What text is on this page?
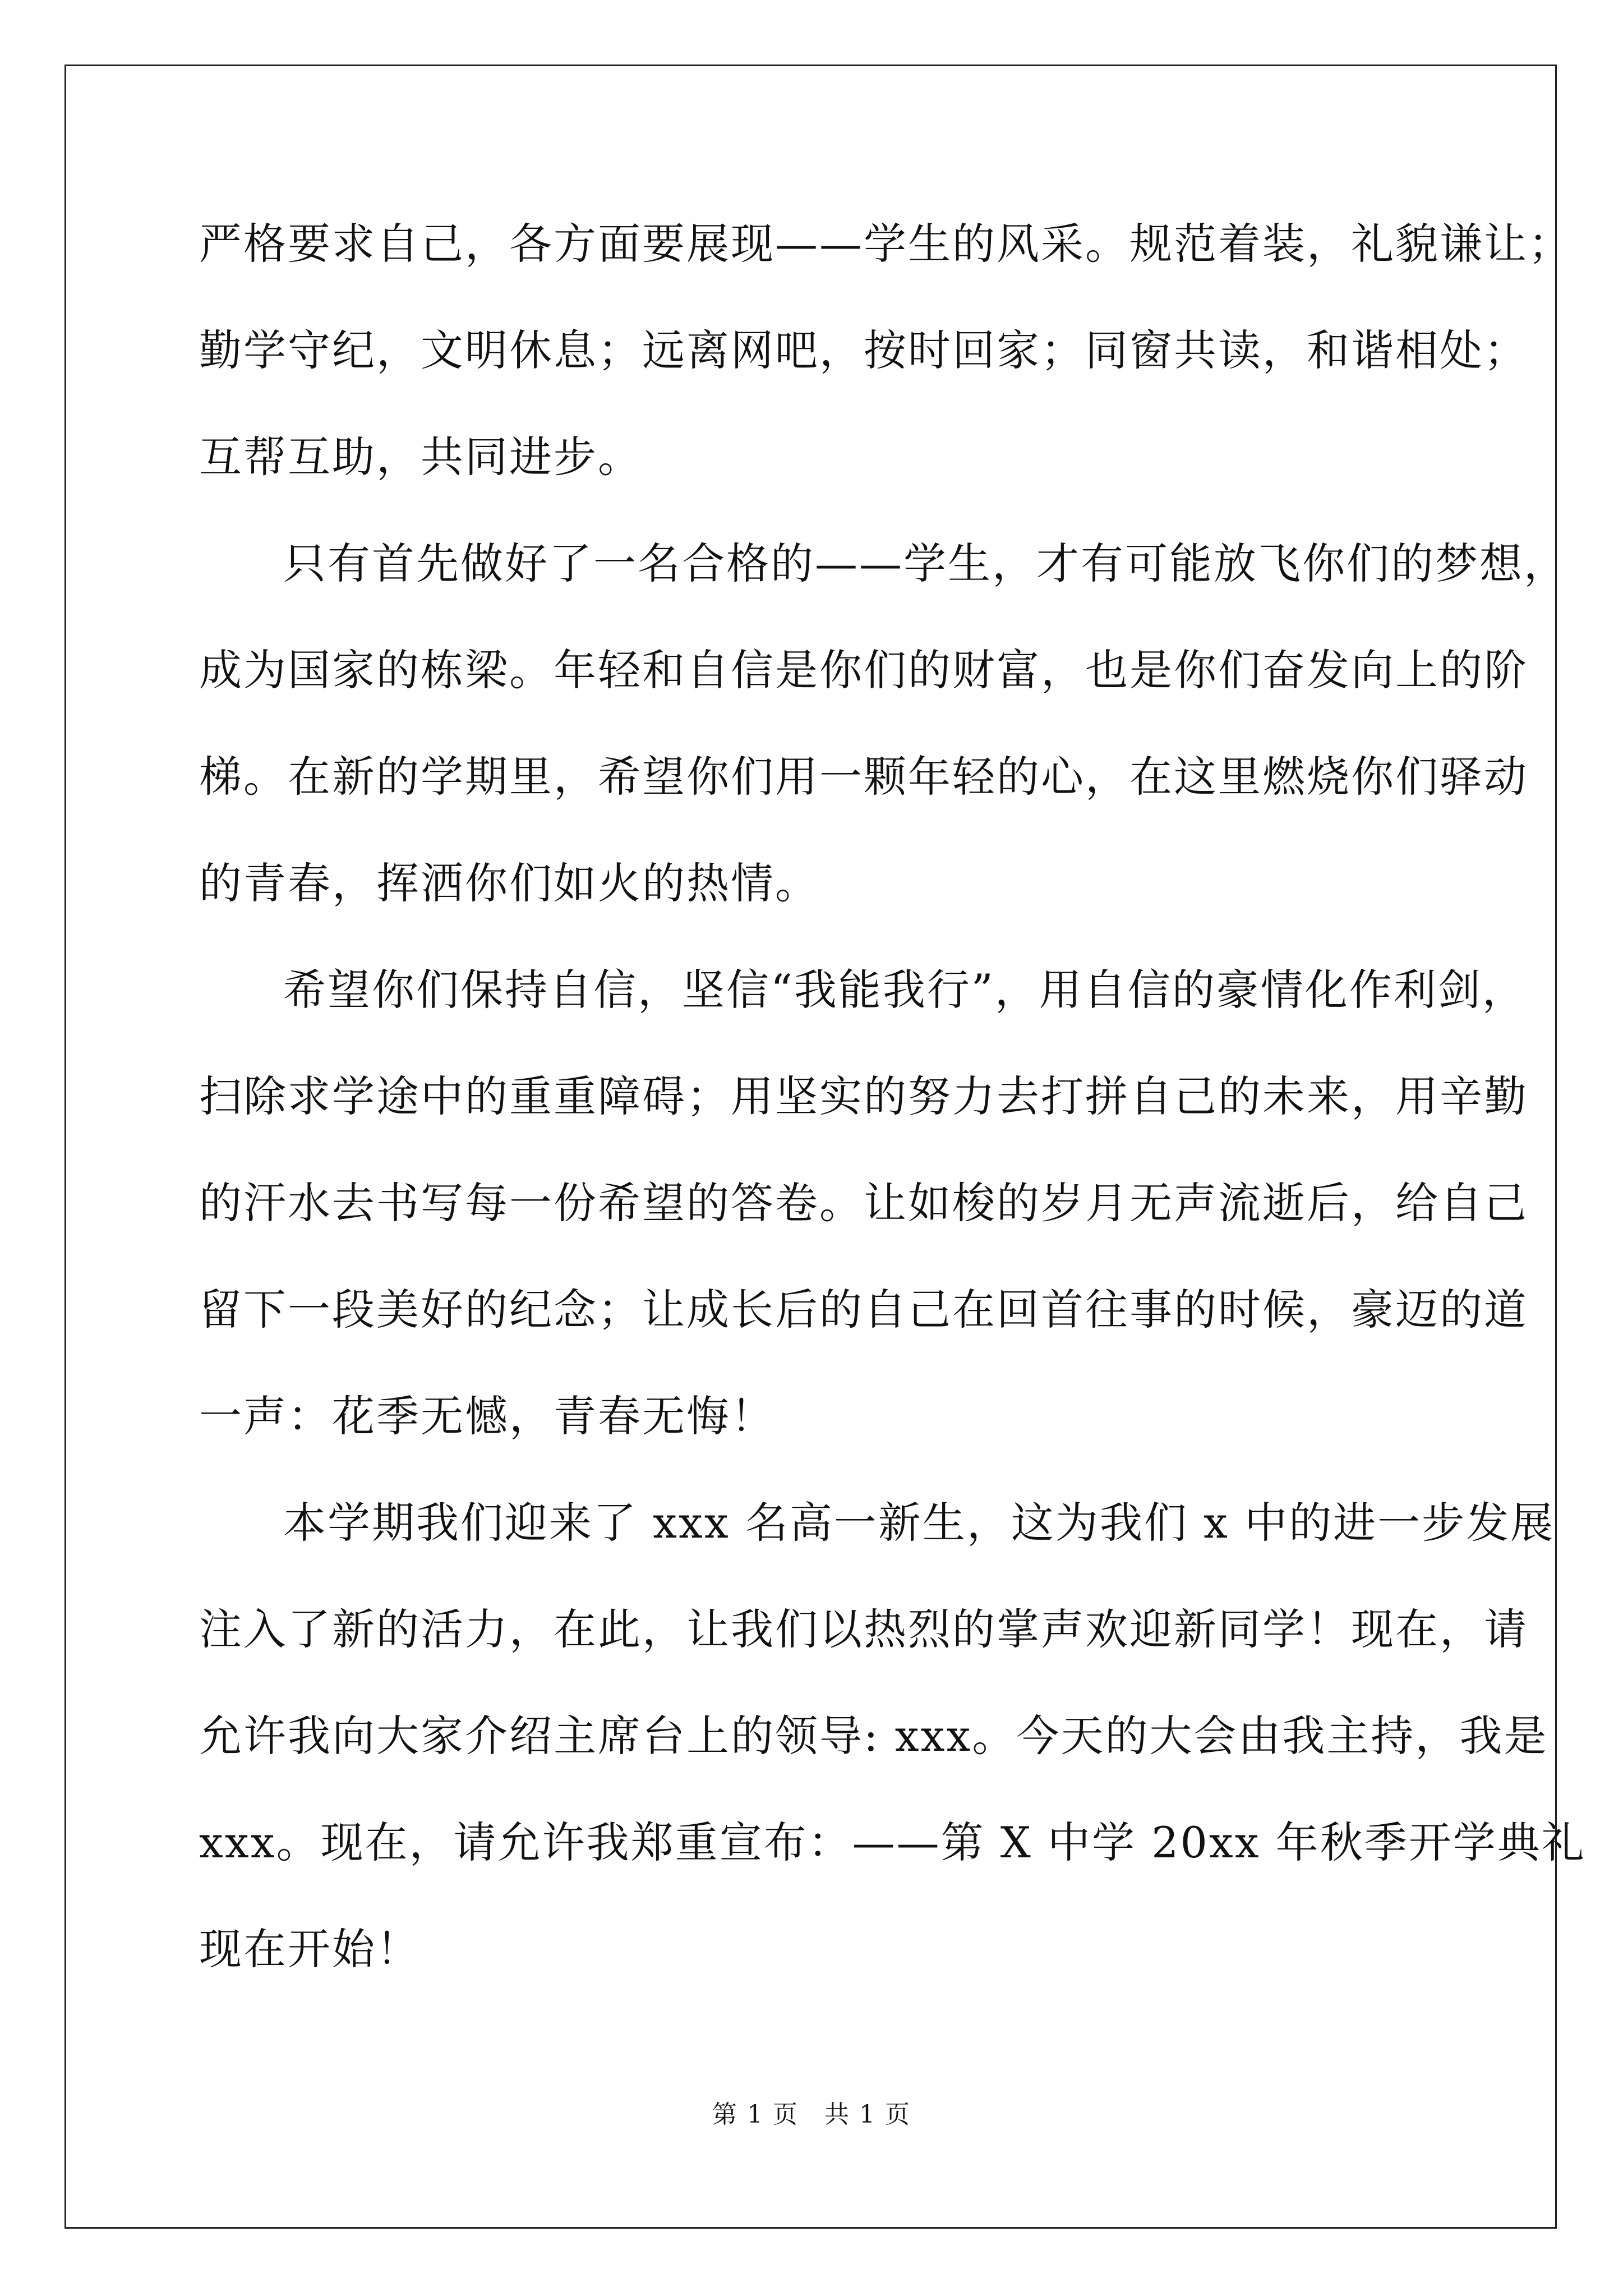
严格要求自己，各方面要展现——学生的风采。规范着装，礼貌谦让；
勤学守纪，文明休息；远离网吧，按时回家；同窗共读，和谐相处；
互帮互助，共同进步。
只有首先做好了一名合格的——学生，才有可能放飞你们的梦想，
成为国家的栋梁。年轻和自信是你们的财富，也是你们奋发向上的阶
梯。在新的学期里，希望你们用一颗年轻的心，在这里燃烧你们驿动
的青春，挥洒你们如火的热情。
希望你们保持自信，坚信“我能我行”，用自信的豪情化作利剑，
扫除求学途中的重重障碍；用坚实的努力去打拼自己的未来，用辛勤
的汗水去书写每一份希望的答卷。让如梭的岁月无声流逝后，给自己
留下一段美好的纪念；让成长后的自己在回首往事的时候，豪迈的道
一声：花季无憾，青春无悔！
本学期我们迎来了 xxx 名高一新生，这为我们 x 中的进一步发展
注入了新的活力，在此，让我们以热烈的掌声欢迎新同学！现在，请
允许我向大家介绍主席台上的领导: xxx。今天的大会由我主持，我是
xxx。现在，请允许我郑重宣布：——第 X 中学 20xx 年秋季开学典礼
现在开始！
第 1 页　共 1 页
